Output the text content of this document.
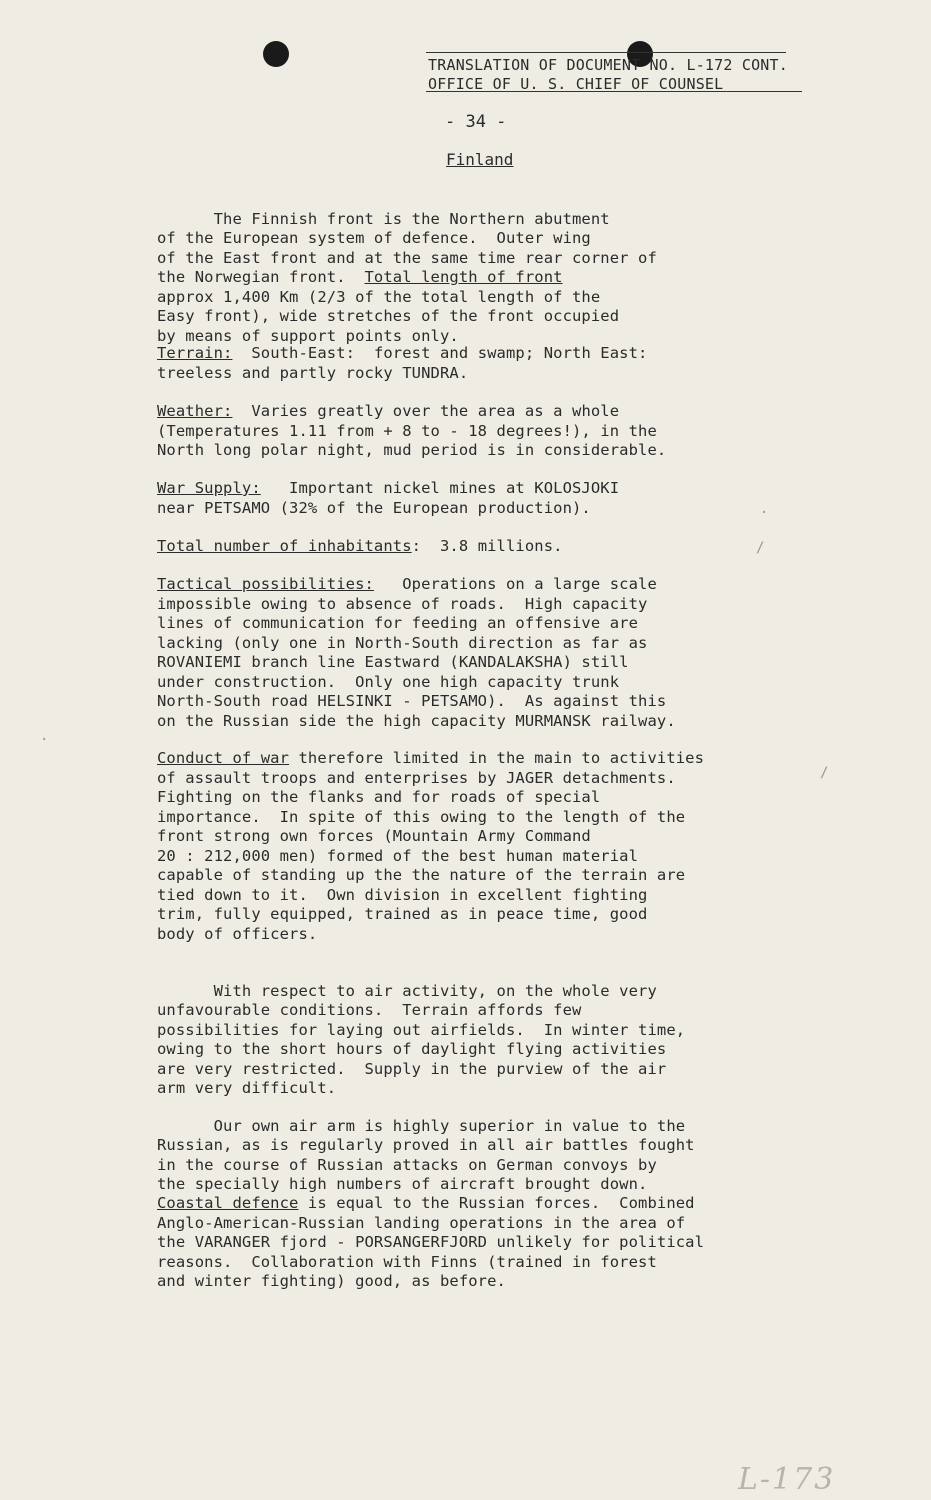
TRANSLATION OF DOCUMENT NO. L-172 CONT.
OFFICE OF U. S. CHIEF OF COUNSEL
- 34 -
Finland

The Finnish front is the Northern abutment
of the European system of defence.  Outer wing
of the East front and at the same time rear corner of
the Norwegian front.  Total length of front
approx 1,400 Km (2/3 of the total length of the
Easy front), wide stretches of the front occupied
by means of support points only.
Terrain:  South-East:  forest and swamp; North East:
treeless and partly rocky TUNDRA.
Weather:  Varies greatly over the area as a whole
(Temperatures 1.11 from + 8 to - 18 degrees!), in the
North long polar night, mud period is in considerable.
War Supply:   Important nickel mines at KOLOSJOKI
near PETSAMO (32% of the European production).
Total number of inhabitants:  3.8 millions.
Tactical possibilities:   Operations on a large scale
impossible owing to absence of roads.  High capacity
lines of communication for feeding an offensive are
lacking (only one in North-South direction as far as
ROVANIEMI branch line Eastward (KANDALAKSHA) still
under construction.  Only one high capacity trunk
North-South road HELSINKI - PETSAMO).  As against this
on the Russian side the high capacity MURMANSK railway.
Conduct of war therefore limited in the main to activities
of assault troops and enterprises by JAGER detachments.
Fighting on the flanks and for roads of special
importance.  In spite of this owing to the length of the
front strong own forces (Mountain Army Command
20 : 212,000 men) formed of the best human material
capable of standing up the the nature of the terrain are
tied down to it.  Own division in excellent fighting
trim, fully equipped, trained as in peace time, good
body of officers.

With respect to air activity, on the whole very
unfavourable conditions.  Terrain affords few
possibilities for laying out airfields.  In winter time,
owing to the short hours of daylight flying activities
are very restricted.  Supply in the purview of the air
arm very difficult.

Our own air arm is highly superior in value to the
Russian, as is regularly proved in all air battles fought
in the course of Russian attacks on German convoys by
the specially high numbers of aircraft brought down.
Coastal defence is equal to the Russian forces.  Combined
Anglo-American-Russian landing operations in the area of
the VARANGER fjord - PORSANGERFJORD unlikely for political
reasons.  Collaboration with Finns (trained in forest
and winter fighting) good, as before.
L-173
/
/
·
·
